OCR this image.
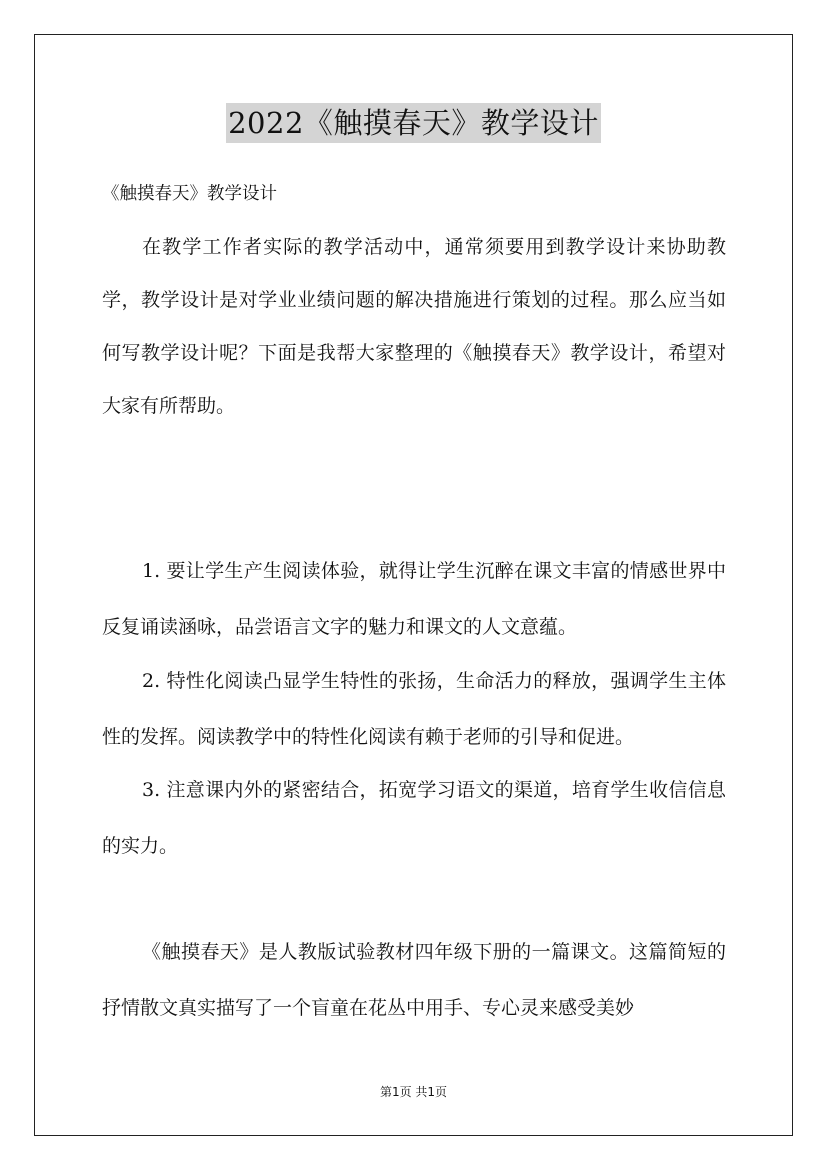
2022《触摸春天》教学设计
《触摸春天》教学设计

在教学工作者实际的教学活动中，通常须要用到教学设计来协助教学，教学设计是对学业业绩问题的解决措施进行策划的过程。那么应当如何写教学设计呢？下面是我帮大家整理的《触摸春天》教学设计，希望对大家有所帮助。

1. 要让学生产生阅读体验，就得让学生沉醉在课文丰富的情感世界中反复诵读涵咏，品尝语言文字的魅力和课文的人文意蕴。

2. 特性化阅读凸显学生特性的张扬，生命活力的释放，强调学生主体性的发挥。阅读教学中的特性化阅读有赖于老师的引导和促进。

3. 注意课内外的紧密结合，拓宽学习语文的渠道，培育学生收信信息的实力。

《触摸春天》是人教版试验教材四年级下册的一篇课文。这篇简短的抒情散文真实描写了一个盲童在花丛中用手、专心灵来感受美妙

第1页 共1页
